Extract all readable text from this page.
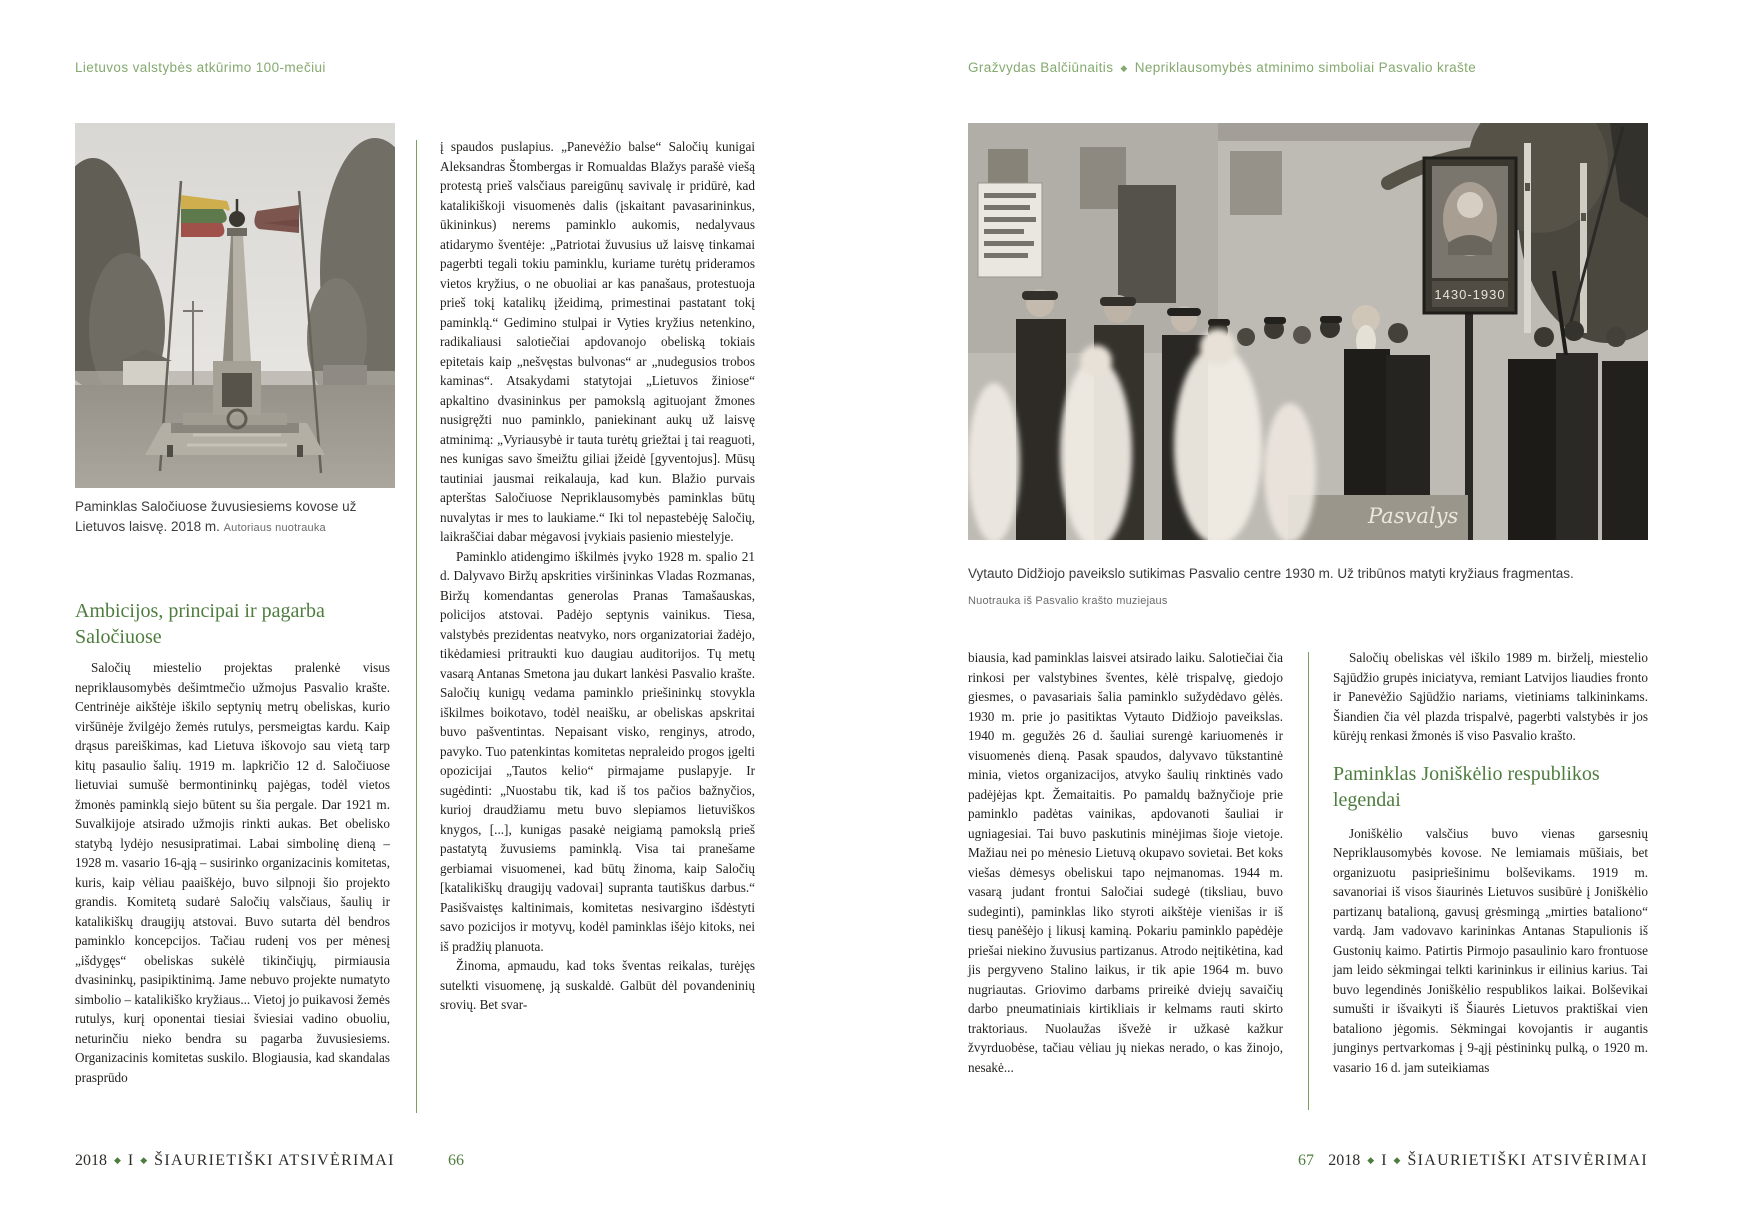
Lietuvos valstybės atkūrimo 100-mečiui	Gražvydas Balčiūnaitis ◆ Nepriklausomybės atminimo simboliai Pasvalio krašte
Paminklas Saločiuose žuvusiesiems kovose už Lietuvos laisvę. 2018 m. Autoriaus nuotrauka
Ambicijos, principai ir pagarba Saločiuose

Saločių miestelio projektas pralenkė visus nepriklausomybės dešimtmečio užmojus Pasvalio krašte. Centrinėje aikštėje iškilo septynių metrų obeliskas, kurio viršūnėje žvilgėjo žemės rutulys, persmeigtas kardu. Kaip drąsus pareiškimas, kad Lietuva iškovojo sau vietą tarp kitų pasaulio šalių. 1919 m. lapkričio 12 d. Saločiuose lietuviai sumušė bermontininkų pajėgas, todėl vietos žmonės paminklą siejo būtent su šia pergale. Dar 1921 m. Suvalkijoje atsirado užmojis rinkti aukas. Bet obelisko statybą lydėjo nesusipratimai. Labai simbolinę dieną – 1928 m. vasario 16-ąją – susirinko organizacinis komitetas, kuris, kaip vėliau paaiškėjo, buvo silpnoji šio projekto grandis. Komitetą sudarė Saločių valsčiaus, šaulių ir katalikiškų draugijų atstovai. Buvo sutarta dėl bendros paminklo koncepcijos. Tačiau rudenį vos per mėnesį „išdygęs“ obeliskas sukėlė tikinčiųjų, pirmiausia dvasininkų, pasipiktinimą. Jame nebuvo projekte numatyto simbolio – katalikiško kryžiaus... Vietoj jo puikavosi žemės rutulys, kurį oponentai tiesiai šviesiai vadino obuoliu, neturinčiu nieko bendra su pagarba žuvusiesiems. Organizacinis komitetas suskilo. Blogiausia, kad skandalas prasprūdo

į spaudos puslapius. „Panevėžio balse“ Saločių kunigai Aleksandras Štombergas ir Romualdas Blažys parašė viešą protestą prieš valsčiaus pareigūnų savivalę ir pridūrė, kad katalikiškoji visuomenės dalis (įskaitant pavasarininkus, ūkininkus) nerems paminklo aukomis, nedalyvaus atidarymo šventėje: „Patriotai žuvusius už laisvę tinkamai pagerbti tegali tokiu paminklu, kuriame turėtų prideramos vietos kryžius, o ne obuoliai ar kas panašaus, protestuoja prieš tokį katalikų įžeidimą, primestinai pastatant tokį paminklą.“ Gedimino stulpai ir Vyties kryžius netenkino, radikaliausi salotiečiai apdovanojo obeliską tokiais epitetais kaip „nešvęstas bulvonas“ ar „nudegusios trobos kaminas“. Atsakydami statytojai „Lietuvos žiniose“ apkaltino dvasininkus per pamokslą agituojant žmones nusigręžti nuo paminklo, paniekinant aukų už laisvę atminimą: „Vyriausybė ir tauta turėtų griežtai į tai reaguoti, nes kunigas savo šmeižtu giliai įžeidė [gyventojus]. Mūsų tautiniai jausmai reikalauja, kad kun. Blažio purvais apterštas Saločiuose Nepriklausomybės paminklas būtų nuvalytas ir mes to laukiame.“ Iki tol nepastebėję Saločių, laikraščiai dabar mėgavosi įvykiais pasienio miestelyje.

Paminklo atidengimo iškilmės įvyko 1928 m. spalio 21 d. Dalyvavo Biržų apskrities viršininkas Vladas Rozmanas, Biržų komendantas generolas Pranas Tamašauskas, policijos atstovai. Padėjo septynis vainikus. Tiesa, valstybės prezidentas neatvyko, nors organizatoriai žadėjo, tikėdamiesi pritraukti kuo daugiau auditorijos. Tų metų vasarą Antanas Smetona jau dukart lankėsi Pasvalio krašte. Saločių kunigų vedama paminklo priešininkų stovykla iškilmes boikotavo, todėl neaišku, ar obeliskas apskritai buvo pašventintas. Nepaisant visko, renginys, atrodo, pavyko. Tuo patenkintas komitetas nepraleido progos įgelti opozicijai „Tautos kelio“ pirmajame puslapyje. Ir sugėdinti: „Nuostabu tik, kad iš tos pačios bažnyčios, kurioj draudžiamu metu buvo slepiamos lietuviškos knygos, [...], kunigas pasakė neigiamą pamokslą prieš pastatytą žuvusiems paminklą. Visa tai pranešame gerbiamai visuomenei, kad būtų žinoma, kaip Saločių [katalikiškų draugijų vadovai] supranta tautiškus darbus.“ Pasišvaistęs kaltinimais, komitetas nesivargino išdėstyti savo pozicijos ir motyvų, kodėl paminklas išėjo kitoks, nei iš pradžių planuota.

Žinoma, apmaudu, kad toks šventas reikalas, turėjęs sutelkti visuomenę, ją suskaldė. Galbūt dėl povandeninių srovių. Bet svar-

1430-1930
Pasvalys
Vytauto Didžiojo paveikslo sutikimas Pasvalio centre 1930 m. Už tribūnos matyti kryžiaus fragmentas.
Nuotrauka iš Pasvalio krašto muziejaus

biausia, kad paminklas laisvei atsirado laiku. Salotiečiai čia rinkosi per valstybines šventes, kėlė trispalvę, giedojo giesmes, o pavasariais šalia paminklo sužydėdavo gėlės. 1930 m. prie jo pasitiktas Vytauto Didžiojo paveikslas. 1940 m. gegužės 26 d. šauliai surengė kariuomenės ir visuomenės dieną. Pasak spaudos, dalyvavo tūkstantinė minia, vietos organizacijos, atvyko šaulių rinktinės vado padėjėjas kpt. Žemaitaitis. Po pamaldų bažnyčioje prie paminklo padėtas vainikas, apdovanoti šauliai ir ugniagesiai. Tai buvo paskutinis minėjimas šioje vietoje. Mažiau nei po mėnesio Lietuvą okupavo sovietai. Bet koks viešas dėmesys obeliskui tapo neįmanomas. 1944 m. vasarą judant frontui Saločiai sudegė (tiksliau, buvo sudeginti), paminklas liko styroti aikštėje vienišas ir iš tiesų panėšėjo į likusį kaminą. Pokariu paminklo papėdėje priešai niekino žuvusius partizanus. Atrodo neįtikėtina, kad jis pergyveno Stalino laikus, ir tik apie 1964 m. buvo nugriautas. Griovimo darbams prireikė dviejų savaičių darbo pneumatiniais kirtikliais ir kelmams rauti skirto traktoriaus. Nuolaužas išvežė ir užkasė kažkur žvyrduobėse, tačiau vėliau jų niekas nerado, o kas žinojo, nesakė...

Saločių obeliskas vėl iškilo 1989 m. birželį, miestelio Sąjūdžio grupės iniciatyva, remiant Latvijos liaudies fronto ir Panevėžio Sąjūdžio nariams, vietiniams talkininkams. Šiandien čia vėl plazda trispalvė, pagerbti valstybės ir jos kūrėjų renkasi žmonės iš viso Pasvalio krašto.

Paminklas Joniškėlio respublikos legendai

Joniškėlio valsčius buvo vienas garsesnių Nepriklausomybės kovose. Ne lemiamais mūšiais, bet organizuotu pasipriešinimu bolševikams. 1919 m. savanoriai iš visos šiaurinės Lietuvos susibūrė į Joniškėlio partizanų batalioną, gavusį grėsmingą „mirties bataliono“ vardą. Jam vadovavo karininkas Antanas Stapulionis iš Gustonių kaimo. Patirtis Pirmojo pasaulinio karo frontuose jam leido sėkmingai telkti karininkus ir eilinius karius. Tai buvo legendinės Joniškėlio respublikos laikai. Bolševikai sumušti ir išvaikyti iš Šiaurės Lietuvos praktiškai vien bataliono jėgomis. Sėkmingai kovojantis ir augantis junginys pertvarkomas į 9-ąjį pėstininkų pulką, o 1920 m. vasario 16 d. jam suteikiamas

2018 ◆ I ◆ ŠIAURIETIŠKI ATSIVĖRIMAI	66	67 2018 ◆ I ◆ ŠIAURIETIŠKI ATSIVĖRIMAI
